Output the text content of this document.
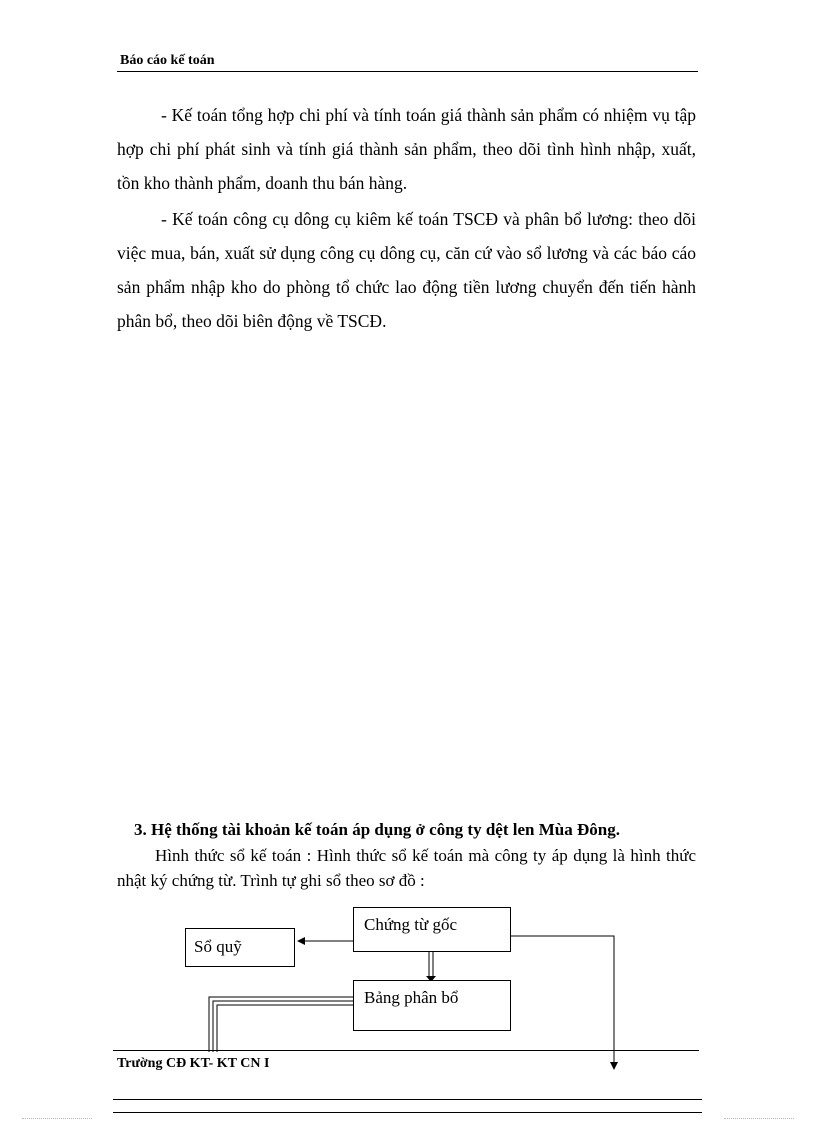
Báo cáo kế toán

- Kế toán tổng hợp chi phí và tính toán giá thành sản phẩm có nhiệm vụ tập hợp chi phí phát sinh và tính giá thành sản phẩm, theo dõi tình hình nhập, xuất, tồn kho thành phẩm, doanh thu bán hàng.

- Kế toán công cụ dông cụ kiêm kế toán TSCĐ và phân bổ lương: theo dõi việc mua, bán, xuất sử dụng công cụ dông cụ, căn cứ vào sổ lương và các báo cáo sản phẩm nhập kho do phòng tổ chức lao động tiền lương chuyển đến tiến hành phân bổ, theo dõi biên động về TSCĐ.

3. Hệ thống tài khoản kế toán áp dụng ở công ty dệt len Mùa Đông.

Hình thức sổ kế toán : Hình thức sổ kế toán mà công ty áp dụng là hình thức nhật ký chứng từ. Trình tự ghi sổ theo sơ đồ :

Chứng từ gốc
Sổ quỹ
Bảng phân bổ
Trường CĐ KT- KT CN I
